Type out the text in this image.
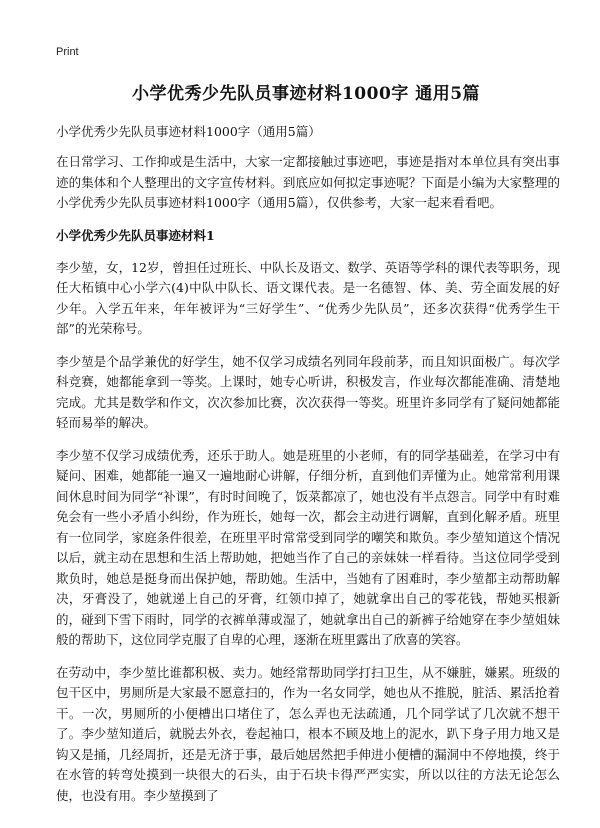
Print
小学优秀少先队员事迹材料1000字 通用5篇

小学优秀少先队员事迹材料1000字（通用5篇）

在日常学习、工作抑或是生活中，大家一定都接触过事迹吧，事迹是指对本单位具有突出事迹的集体和个人整理出的文字宣传材料。到底应如何拟定事迹呢？下面是小编为大家整理的小学优秀少先队员事迹材料1000字（通用5篇），仅供参考，大家一起来看看吧。

小学优秀少先队员事迹材料1

李少堃，女，12岁，曾担任过班长、中队长及语文、数学、英语等学科的课代表等职务，现任大柘镇中心小学六(4)中队中队长、语文课代表。是一名德智、体、美、劳全面发展的好少年。入学五年来，年年被评为“三好学生”、“优秀少先队员”，还多次获得“优秀学生干部”的光荣称号。

李少堃是个品学兼优的好学生，她不仅学习成绩名列同年段前茅，而且知识面极广。每次学科竞赛，她都能拿到一等奖。上课时，她专心听讲，积极发言，作业每次都能准确、清楚地完成。尤其是数学和作文，次次参加比赛，次次获得一等奖。班里许多同学有了疑问她都能轻而易举的解决。

李少堃不仅学习成绩优秀，还乐于助人。她是班里的小老师，有的同学基础差，在学习中有疑问、困难，她都能一遍又一遍地耐心讲解，仔细分析，直到他们弄懂为止。她常常利用课间休息时间为同学“补课”，有时时间晚了，饭菜都凉了，她也没有半点怨言。同学中有时难免会有一些小矛盾小纠纷，作为班长，她每一次，都会主动进行调解，直到化解矛盾。班里有一位同学，家庭条件很差，在班里平时常常受到同学的嘲笑和欺负。李少堃知道这个情况以后，就主动在思想和生活上帮助她，把她当作了自己的亲妹妹一样看待。当这位同学受到欺负时，她总是挺身而出保护她，帮助她。生活中，当她有了困难时，李少堃都主动帮助解决，牙膏没了，她就递上自己的牙膏，红领巾掉了，她就拿出自己的零花钱，帮她买根新的，碰到下雪下雨时，同学的衣裤单薄或湿了，她就拿出自己的新裤子给她穿在李少堃姐妹般的帮助下，这位同学克服了自卑的心理，逐渐在班里露出了欣喜的笑容。

在劳动中，李少堃比谁都积极、卖力。她经常帮助同学打扫卫生，从不嫌脏，嫌累。班级的包干区中，男厕所是大家最不愿意扫的，作为一名女同学，她也从不推脱，脏活、累活抢着干。一次，男厕所的小便槽出口堵住了，怎么弄也无法疏通，几个同学试了几次就不想干了。李少堃知道后，就脱去外衣，卷起袖口，根本不顾及地上的泥水，趴下身子用力地又是钩又是捅，几经周折，还是无济于事，最后她居然把手伸进小便槽的漏洞中不停地摸，终于在水管的转弯处摸到一块很大的石头，由于石块卡得严严实实，所以以往的方法无论怎么使，也没有用。李少堃摸到了
